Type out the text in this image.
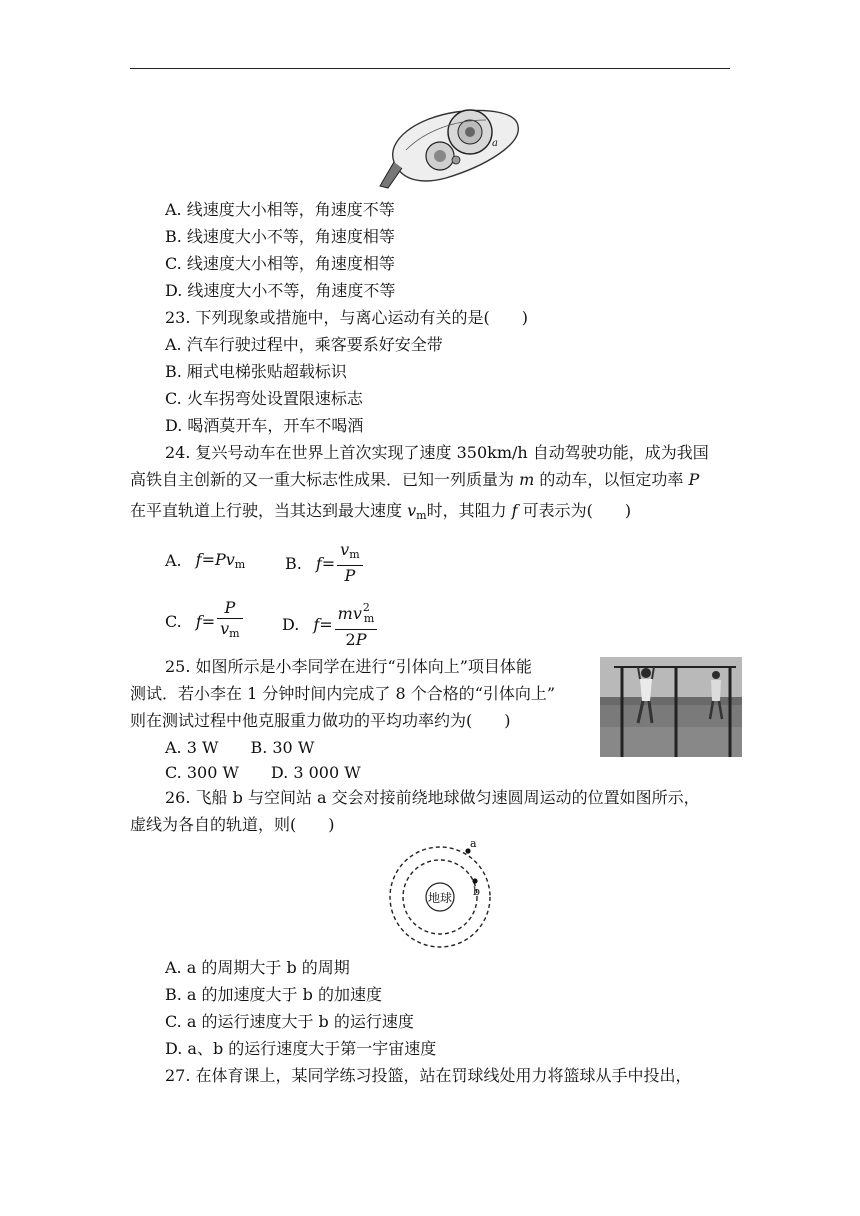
a
A. 线速度大小相等，角速度不等
B. 线速度大小不等，角速度相等
C. 线速度大小相等，角速度相等
D. 线速度大小不等，角速度不等
23. 下列现象或措施中，与离心运动有关的是(　　)
A. 汽车行驶过程中，乘客要系好安全带
B. 厢式电梯张贴超载标识
C. 火车拐弯处设置限速标志
D. 喝酒莫开车，开车不喝酒
24. 复兴号动车在世界上首次实现了速度 350km/h 自动驾驶功能，成为我国
高铁自主创新的又一重大标志性成果．已知一列质量为 m 的动车，以恒定功率 P
在平直轨道上行驶，当其达到最大速度 $v_m$时，其阻力 f 可表示为(　　)
A. $f=Pv_m$ B. $f= \frac{v_m}{P}$
C. $f= \frac{P}{v_m} D$. $f= \frac{mv^2_m}{2P}$
25. 如图所示是小李同学在进行“引体向上”项目体能
测试．若小李在 1 分钟时间内完成了 8 个合格的“引体向上”
则在测试过程中他克服重力做功的平均功率约为(　　)
A. 3 W　　B. 30 W
C. 300 W　　D. 3 000 W
26. 飞船 b 与空间站 a 交会对接前绕地球做匀速圆周运动的位置如图所示，
虚线为各自的轨道，则(　　)
地球
a
b
A. a 的周期大于 b 的周期
B. a 的加速度大于 b 的加速度
C. a 的运行速度大于 b 的运行速度
D. a、b 的运行速度大于第一宇宙速度
27. 在体育课上，某同学练习投篮，站在罚球线处用力将篮球从手中投出，
